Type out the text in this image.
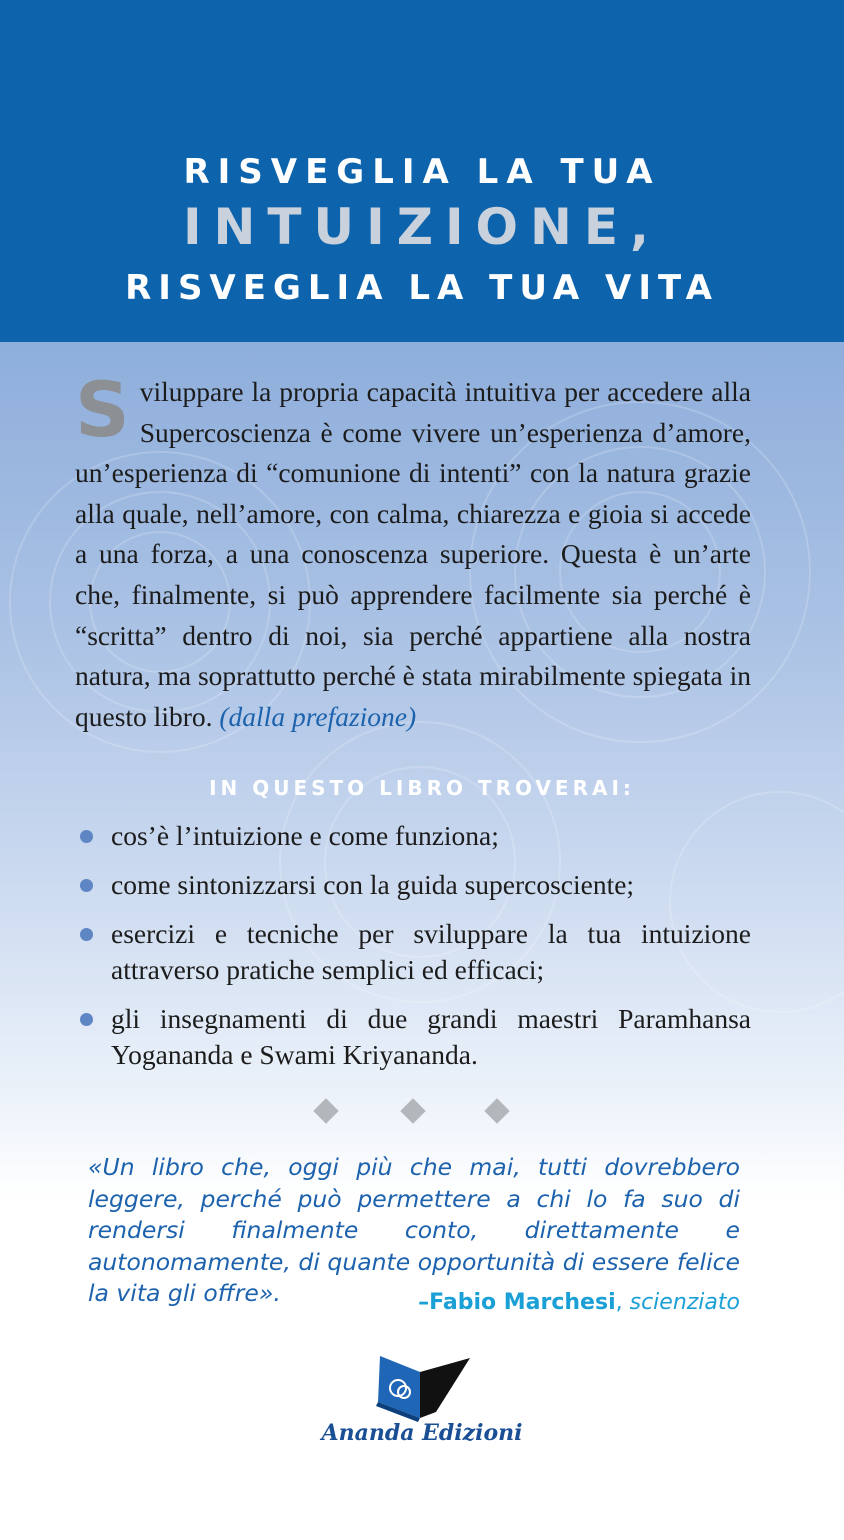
RISVEGLIA LA TUA
INTUIZIONE,
RISVEGLIA LA TUA VITA
Sviluppare la propria capacità intuitiva per accedere alla Supercoscienza è come vivere un’esperienza d’amore, un’esperienza di “comunione di intenti” con la natura grazie alla quale, nell’amore, con calma, chiarezza e gioia si accede a una forza, a una conoscenza superiore. Questa è un’arte che, finalmente, si può apprendere facilmente sia perché è “scritta” dentro di noi, sia perché appartiene alla nostra natura, ma soprattutto perché è stata mirabilmente spiegata in questo libro. (dalla prefazione)
IN QUESTO LIBRO TROVERAI:
cos’è l’intuizione e come funziona;
come sintonizzarsi con la guida supercosciente;
esercizi e tecniche per sviluppare la tua intuizione attraverso pratiche semplici ed efficaci;
gli insegnamenti di due grandi maestri Paramhansa Yogananda e Swami Kriyananda.
«Un libro che, oggi più che mai, tutti dovrebbero leggere, perché può permettere a chi lo fa suo di rendersi finalmente conto, direttamente e autonomamente, di quante opportunità di essere felice la vita gli offre».	–Fabio Marchesi, scienziato
Ananda Edizioni
